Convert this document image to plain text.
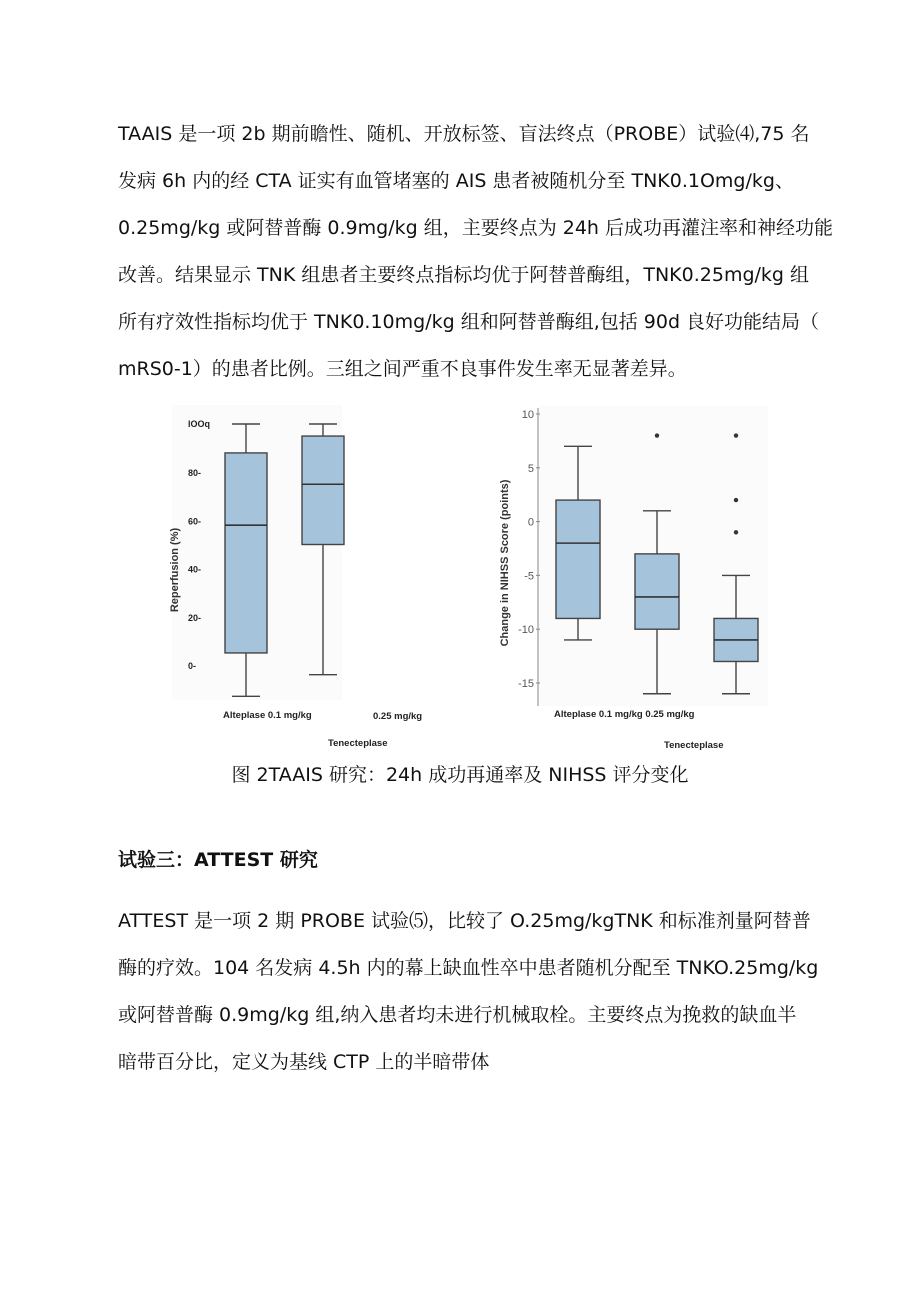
TAAIS 是一项 2b 期前瞻性、随机、开放标签、盲法终点（PROBE）试验⑷,75 名
发病 6h 内的经 CTA 证实有血管堵塞的 AIS 患者被随机分至 TNK0.1Omg/kg、
0.25mg∕kg 或阿替普酶 0.9mg∕kg 组，主要终点为 24h 后成功再灌注率和神经功能
改善。结果显示 TNK 组患者主要终点指标均优于阿替普酶组，TNK0.25mg∕kg 组
所有疗效性指标均优于 TNK0.10mg∕kg 组和阿替普酶组,包括 90d 良好功能结局（
mRS0-1）的患者比例。三组之间严重不良事件发生率无显著差异。
Reperfusion (%)
lOOq
0-
20-
40-
60-
80-
Alteplase 0.1 mg/kg	0.25 mg/kg
Tenecteplase
Change in NIHSS Score (points)
10
5
0
-5
-10
-15
Alteplase 0.1 mg/kg 0.25 mg/kg
Tenecteplase

图 2TAAIS 研究：24h 成功再通率及 NIHSS 评分变化

试验三：ATTEST 研究

ATTEST 是一项 2 期 PROBE 试验⑸，比较了 O.25mg∕kgTNK 和标准剂量阿替普
酶的疗效。104 名发病 4.5h 内的幕上缺血性卒中患者随机分配至 TNKO.25mg∕kg
或阿替普酶 0.9mg∕kg 组,纳入患者均未进行机械取栓。主要终点为挽救的缺血半
暗带百分比，定义为基线 CTP 上的半暗带体
